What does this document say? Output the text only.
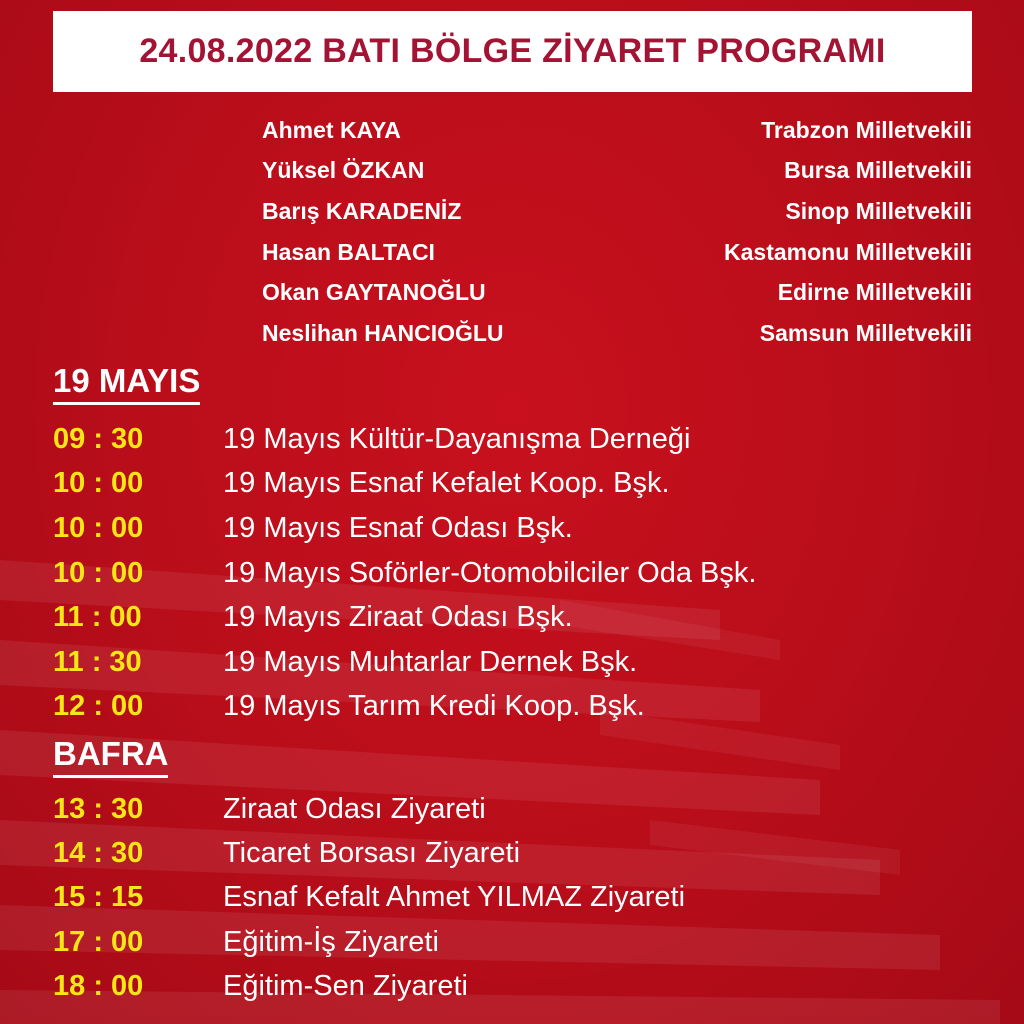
24.08.2022 BATI BÖLGE ZİYARET PROGRAMI
Ahmet KAYA	Trabzon Milletvekili
Yüksel ÖZKAN	Bursa Milletvekili
Barış KARADENİZ	Sinop Milletvekili
Hasan BALTACI	Kastamonu Milletvekili
Okan GAYTANOĞLU	Edirne Milletvekili
Neslihan HANCIOĞLU	Samsun Milletvekili
19 MAYIS
09 : 30	19 Mayıs Kültür-Dayanışma Derneği
10 : 00	19 Mayıs Esnaf Kefalet Koop. Bşk.
10 : 00	19 Mayıs Esnaf Odası Bşk.
10 : 00	19 Mayıs Soförler-Otomobilciler Oda Bşk.
11 : 00	19 Mayıs Ziraat Odası Bşk.
11 : 30	19 Mayıs Muhtarlar Dernek Bşk.
12 : 00	19 Mayıs Tarım Kredi Koop. Bşk.
BAFRA
13 : 30	Ziraat Odası Ziyareti
14 : 30	Ticaret Borsası Ziyareti
15 : 15	Esnaf Kefalt Ahmet YILMAZ Ziyareti
17 : 00	Eğitim-İş Ziyareti
18 : 00	Eğitim-Sen Ziyareti
